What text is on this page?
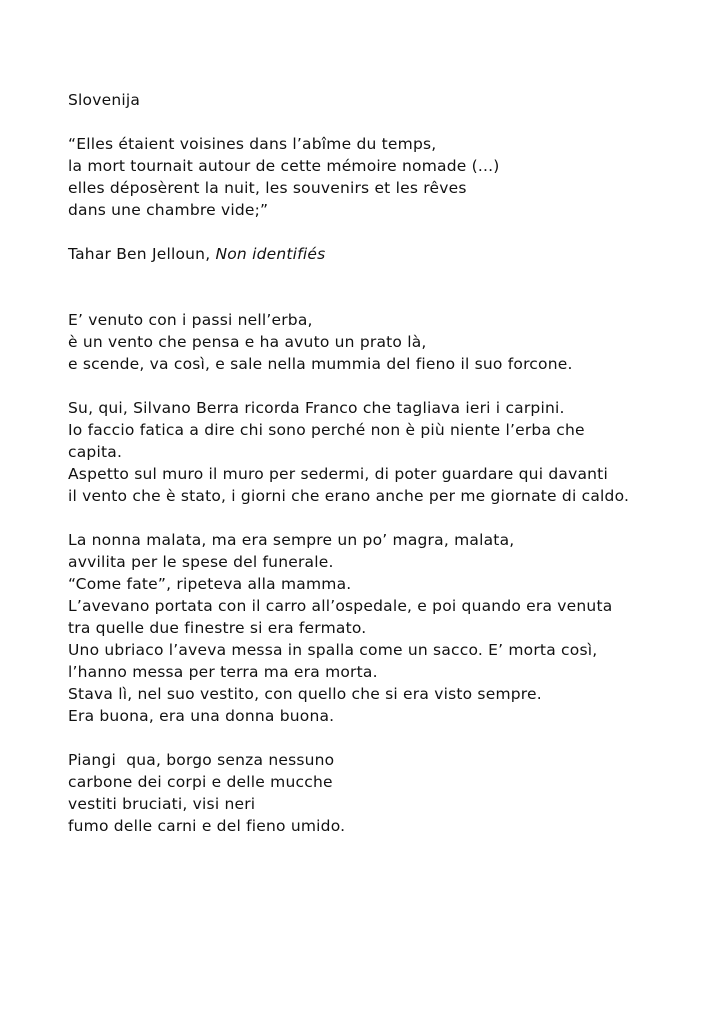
Slovenija
“Elles étaient voisines dans l’abîme du temps,
la mort tournait autour de cette mémoire nomade (...)
elles déposèrent la nuit, les souvenirs et les rêves
dans une chambre vide;”
Tahar Ben Jelloun, Non identifiés
E’ venuto con i passi nell’erba,
è un vento che pensa e ha avuto un prato là,
e scende, va così, e sale nella mummia del fieno il suo forcone.
Su, qui, Silvano Berra ricorda Franco che tagliava ieri i carpini.
Io faccio fatica a dire chi sono perché non è più niente l’erba che
capita.
Aspetto sul muro il muro per sedermi, di poter guardare qui davanti
il vento che è stato, i giorni che erano anche per me giornate di caldo.
La nonna malata, ma era sempre un po’ magra, malata,
avvilita per le spese del funerale.
“Come fate”, ripeteva alla mamma.
L’avevano portata con il carro all’ospedale, e poi quando era venuta
tra quelle due finestre si era fermato.
Uno ubriaco l’aveva messa in spalla come un sacco. E’ morta così,
l’hanno messa per terra ma era morta.
Stava lì, nel suo vestito, con quello che si era visto sempre.
Era buona, era una donna buona.
Piangi  qua, borgo senza nessuno
carbone dei corpi e delle mucche
vestiti bruciati, visi neri
fumo delle carni e del fieno umido.
